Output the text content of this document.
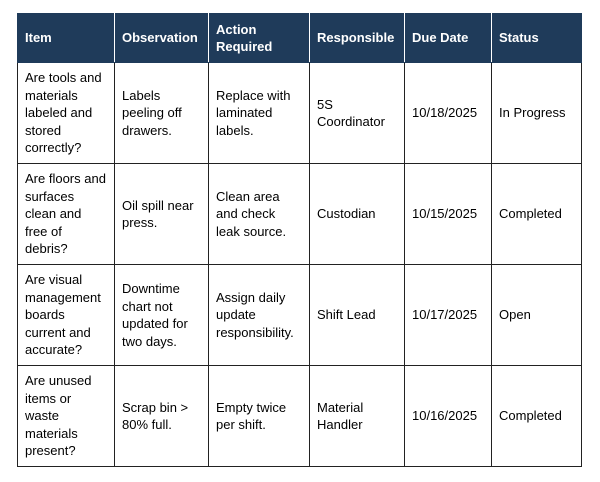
Item	Observation	Action Required	Responsible	Due Date	Status
Are tools and materials labeled and stored correctly?	Labels peeling off drawers.	Replace with laminated labels.	5S Coordinator	10/18/2025	In Progress
Are floors and surfaces clean and free of debris?	Oil spill near press.	Clean area and check leak source.	Custodian	10/15/2025	Completed
Are visual management boards current and accurate?	Downtime chart not updated for two days.	Assign daily update responsibility.	Shift Lead	10/17/2025	Open
Are unused items or waste materials present?	Scrap bin > 80% full.	Empty twice per shift.	Material Handler	10/16/2025	Completed
